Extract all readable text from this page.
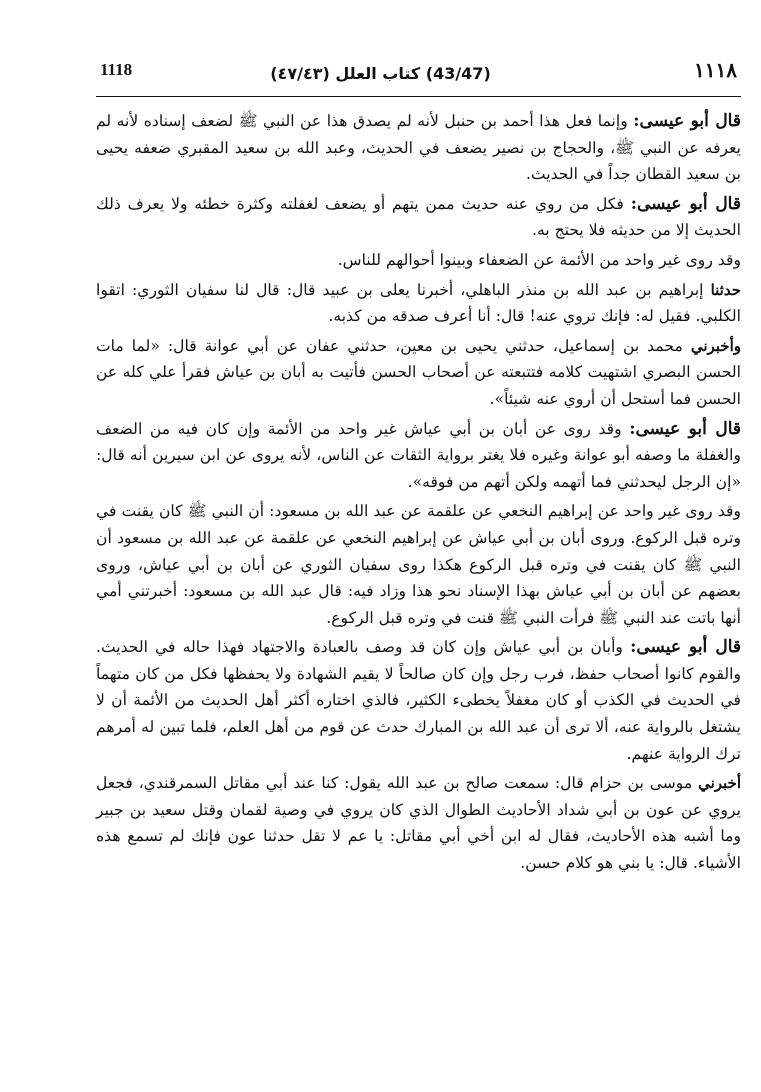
1118	(43/47) كتاب العلل (٤٧/٤٣)	١١١٨

قال أبو عيسى: وإنما فعل هذا أحمد بن حنبل لأنه لم يصدق هذا عن النبي ﷺ لضعف إسناده لأنه لم يعرفه عن النبي ﷺ، والحجاج بن نصير يضعف في الحديث، وعبد الله بن سعيد المقبري ضعفه يحيى بن سعيد القطان جداً في الحديث.

قال أبو عيسى: فكل من روي عنه حديث ممن يتهم أو يضعف لغفلته وكثرة خطئه ولا يعرف ذلك الحديث إلا من حديثه فلا يحتج به.

وقد روى غير واحد من الأئمة عن الضعفاء وبينوا أحوالهم للناس.

حدثنا إبراهيم بن عبد الله بن منذر الباهلي، أخبرنا يعلى بن عبيد قال: قال لنا سفيان الثوري: اتقوا الكلبي. فقيل له: فإنك تروي عنه! قال: أنا أعرف صدقه من كذبه.

وأخبرني محمد بن إسماعيل، حدثني يحيى بن معين، حدثني عفان عن أبي عوانة قال: «لما مات الحسن البصري اشتهيت كلامه فتتبعته عن أصحاب الحسن فأتيت به أبان بن عياش فقرأ علي كله عن الحسن فما أستحل أن أروي عنه شيئاً».

قال أبو عيسى: وقد روى عن أبان بن أبي عياش غير واحد من الأئمة وإن كان فيه من الضعف والغفلة ما وصفه أبو عوانة وغيره فلا يغتر برواية الثقات عن الناس، لأنه يروى عن ابن سيرين أنه قال: «إن الرجل ليحدثني فما أتهمه ولكن أتهم من فوقه».

وقد روى غير واحد عن إبراهيم النخعي عن علقمة عن عبد الله بن مسعود: أن النبي ﷺ كان يقنت في وتره قبل الركوع. وروى أبان بن أبي عياش عن إبراهيم النخعي عن علقمة عن عبد الله بن مسعود أن النبي ﷺ كان يقنت في وتره قبل الركوع هكذا روى سفيان الثوري عن أبان بن أبي عياش، وروى بعضهم عن أبان بن أبي عياش بهذا الإسناد نحو هذا وزاد فيه: قال عبد الله بن مسعود: أخبرتني أمي أنها باتت عند النبي ﷺ فرأت النبي ﷺ قنت في وتره قبل الركوع.

قال أبو عيسى: وأبان بن أبي عياش وإن كان قد وصف بالعبادة والاجتهاد فهذا حاله في الحديث. والقوم كانوا أصحاب حفظ، فرب رجل وإن كان صالحاً لا يقيم الشهادة ولا يحفظها فكل من كان متهماً في الحديث في الكذب أو كان مغفلاً يخطىء الكثير، فالذي اختاره أكثر أهل الحديث من الأئمة أن لا يشتغل بالرواية عنه، ألا ترى أن عبد الله بن المبارك حدث عن قوم من أهل العلم، فلما تبين له أمرهم ترك الرواية عنهم.

أخبرني موسى بن حزام قال: سمعت صالح بن عبد الله يقول: كنا عند أبي مقاتل السمرقندي، فجعل يروي عن عون بن أبي شداد الأحاديث الطوال الذي كان يروي في وصية لقمان وقتل سعيد بن جبير وما أشبه هذه الأحاديث، فقال له ابن أخي أبي مقاتل: يا عم لا تقل حدثنا عون فإنك لم تسمع هذه الأشياء. قال: يا بني هو كلام حسن.
